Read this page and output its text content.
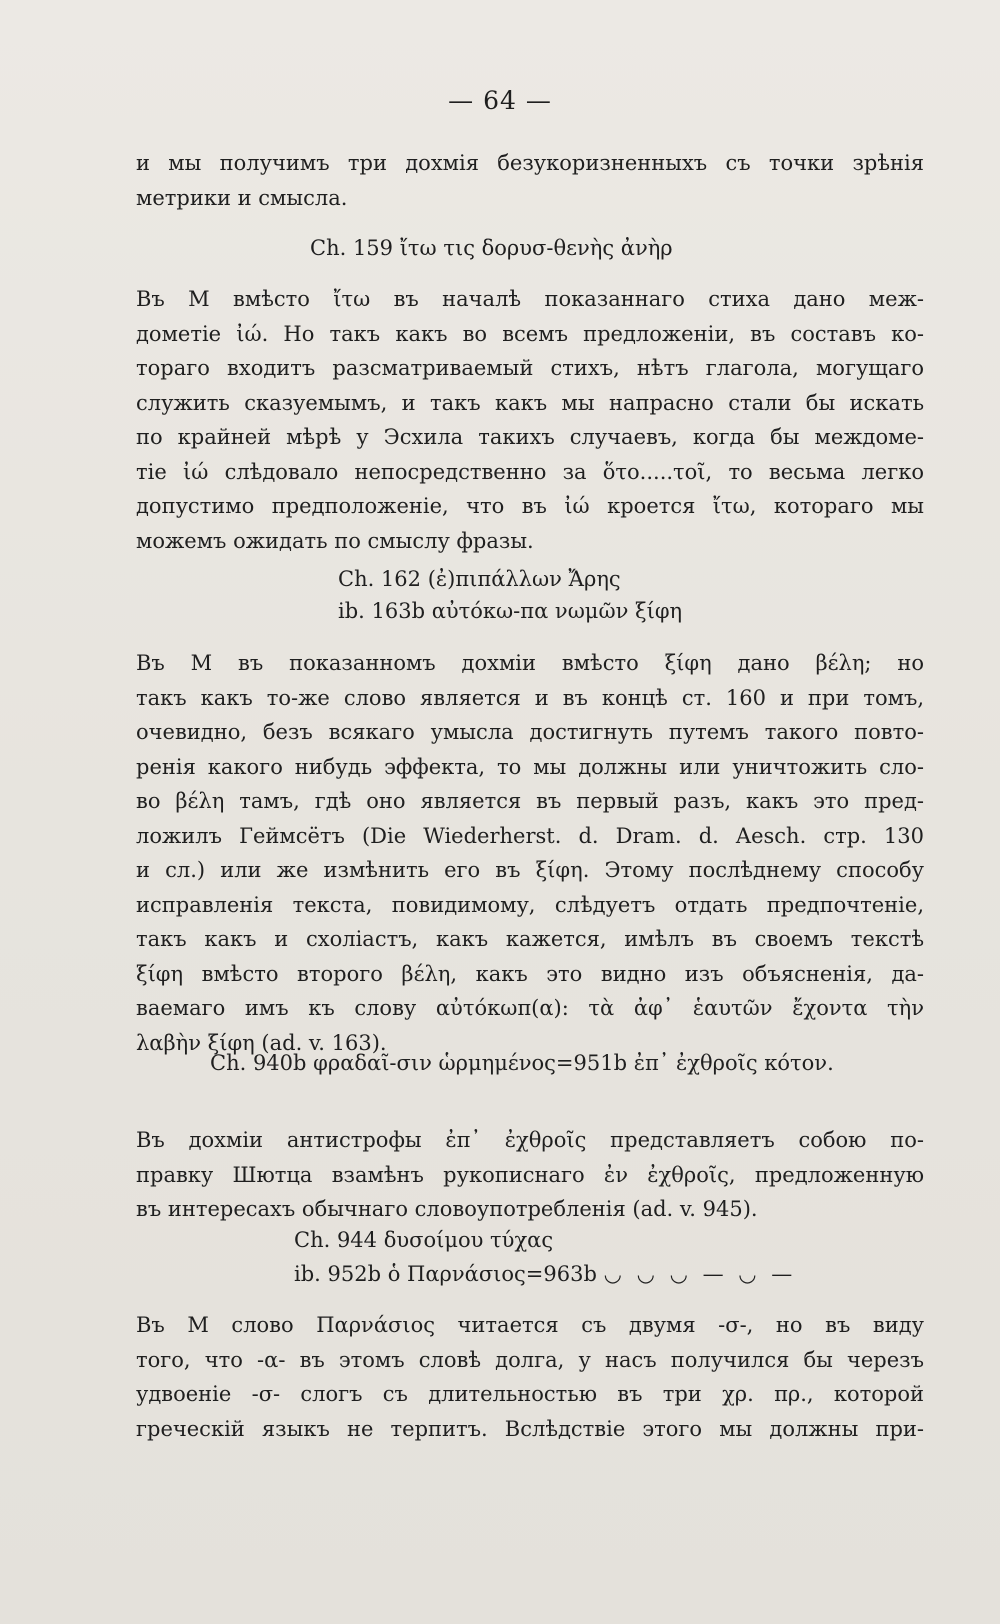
— 64 —
и мы получимъ три дохмія безукоризненныхъ съ точки зрѣнія
метрики и смысла.
Ch. 159 ἴτω τις δορυσ-θενὴς ἀνὴρ
Въ М вмѣсто ἴτω въ началѣ показаннаго стиха дано меж-
дометіе ἰώ. Но такъ какъ во всемъ предложеніи, въ составъ ко-
тораго входитъ разсматриваемый стихъ, нѣтъ глагола, могущаго
служить сказуемымъ, и такъ какъ мы напрасно стали бы искать
по крайней мѣрѣ у Эсхила такихъ случаевъ, когда бы междоме-
тіе ἰώ слѣдовало непосредственно за ὅτο.....τοῖ, то весьма легко
допустимо предположеніе, что въ ἰώ кроется ἴτω, котораго мы
можемъ ожидать по смыслу фразы.
Ch. 162 (ἐ)πιπάλλων Ἄρης
ib. 163b αὐτόκω-πα νωμῶν ξίφη
Въ М въ показанномъ дохміи вмѣсто ξίφη дано βέλη; но
такъ какъ то-же слово является и въ концѣ ст. 160 и при томъ,
очевидно, безъ всякаго умысла достигнуть путемъ такого повто-
ренія какого нибудь эффекта, то мы должны или уничтожить сло-
во βέλη тамъ, гдѣ оно является въ первый разъ, какъ это пред-
ложилъ Геймсётъ (Die Wiederherst. d. Dram. d. Aesch. стр. 130
и сл.) или же измѣнить его въ ξίφη. Этому послѣднему способу
исправленія текста, повидимому, слѣдуетъ отдать предпочтеніе,
такъ какъ и схоліастъ, какъ кажется, имѣлъ въ своемъ текстѣ
ξίφη вмѣсто второго βέλη, какъ это видно изъ объясненія, да-
ваемаго имъ къ слову αὐτόκωπ(α): τὰ ἀφ᾽ ἑαυτῶν ἔχοντα τὴν
λαβὴν ξίφη (ad. v. 163).
Ch. 940b φραδαῖ-σιν ὡρμημένος=951b ἐπ᾽ ἐχθροῖς κότον.
Въ дохміи антистрофы ἐπ᾽ ἐχθροῖς представляетъ собою по-
правку Шютца взамѣнъ рукописнаго ἐν ἐχθροῖς, предложенную
въ интересахъ обычнаго словоупотребленія (ad. v. 945).
Ch. 944 δυσοίμου τύχας
ib. 952b ὁ Παρνάσιος=963b ◡ ◡ ◡ — ◡ —
Въ М слово Παρνάσιος читается съ двумя -σ-, но въ виду
того, что -α- въ этомъ словѣ долга, у насъ получился бы черезъ
удвоеніе -σ- слогъ съ длительностью въ три χρ. πρ., которой
греческій языкъ не терпитъ. Вслѣдствіе этого мы должны при-
